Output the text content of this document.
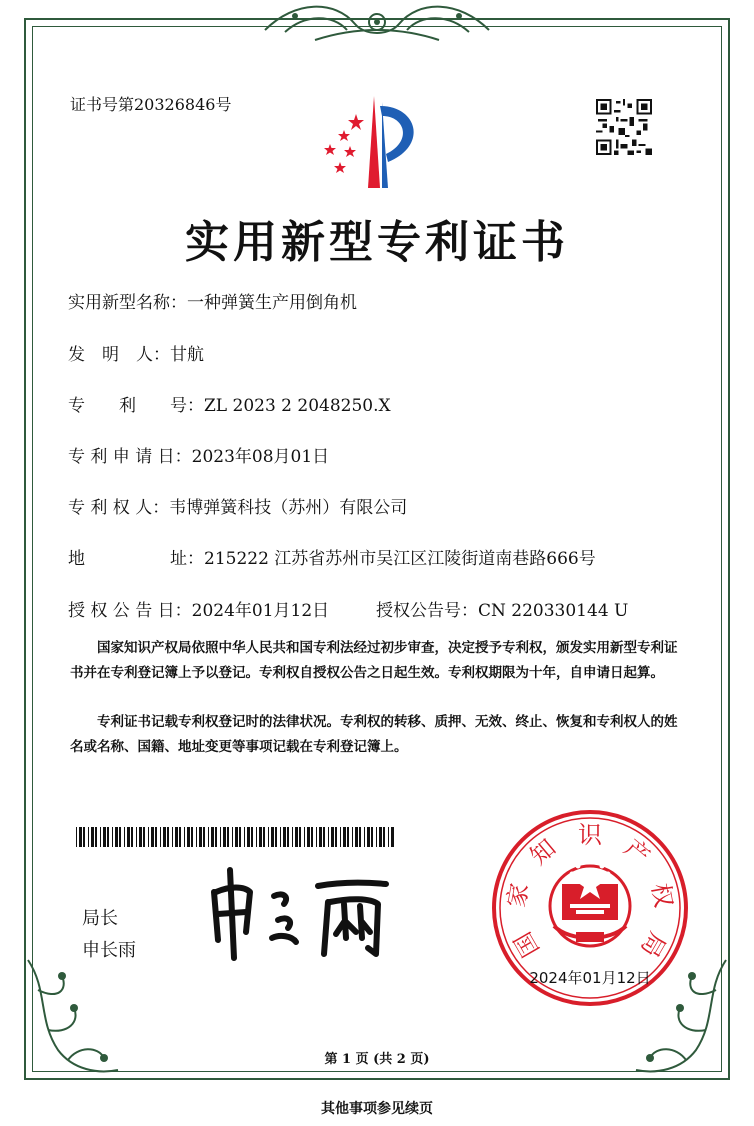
证书号第20326846号
实用新型专利证书
实用新型名称：一种弹簧生产用倒角机
发　明　人：甘航
专　　利　　号：ZL 2023 2 2048250.X
专 利 申 请 日：2023年08月01日
专 利 权 人：韦博弹簧科技（苏州）有限公司
地　　　　　址：215222 江苏省苏州市吴江区江陵街道南巷路666号
授 权 公 告 日：2024年01月12日	授权公告号：CN 220330144 U
国家知识产权局依照中华人民共和国专利法经过初步审查，决定授予专利权，颁发实用新型专利证书并在专利登记簿上予以登记。专利权自授权公告之日起生效。专利权期限为十年，自申请日起算。
专利证书记载专利权登记时的法律状况。专利权的转移、质押、无效、终止、恢复和专利权人的姓名或名称、国籍、地址变更等事项记载在专利登记簿上。
局长
申长雨	国
家
知 识 产
权
局
2024年01月12日
第 1 页 (共 2 页)
其他事项参见续页
